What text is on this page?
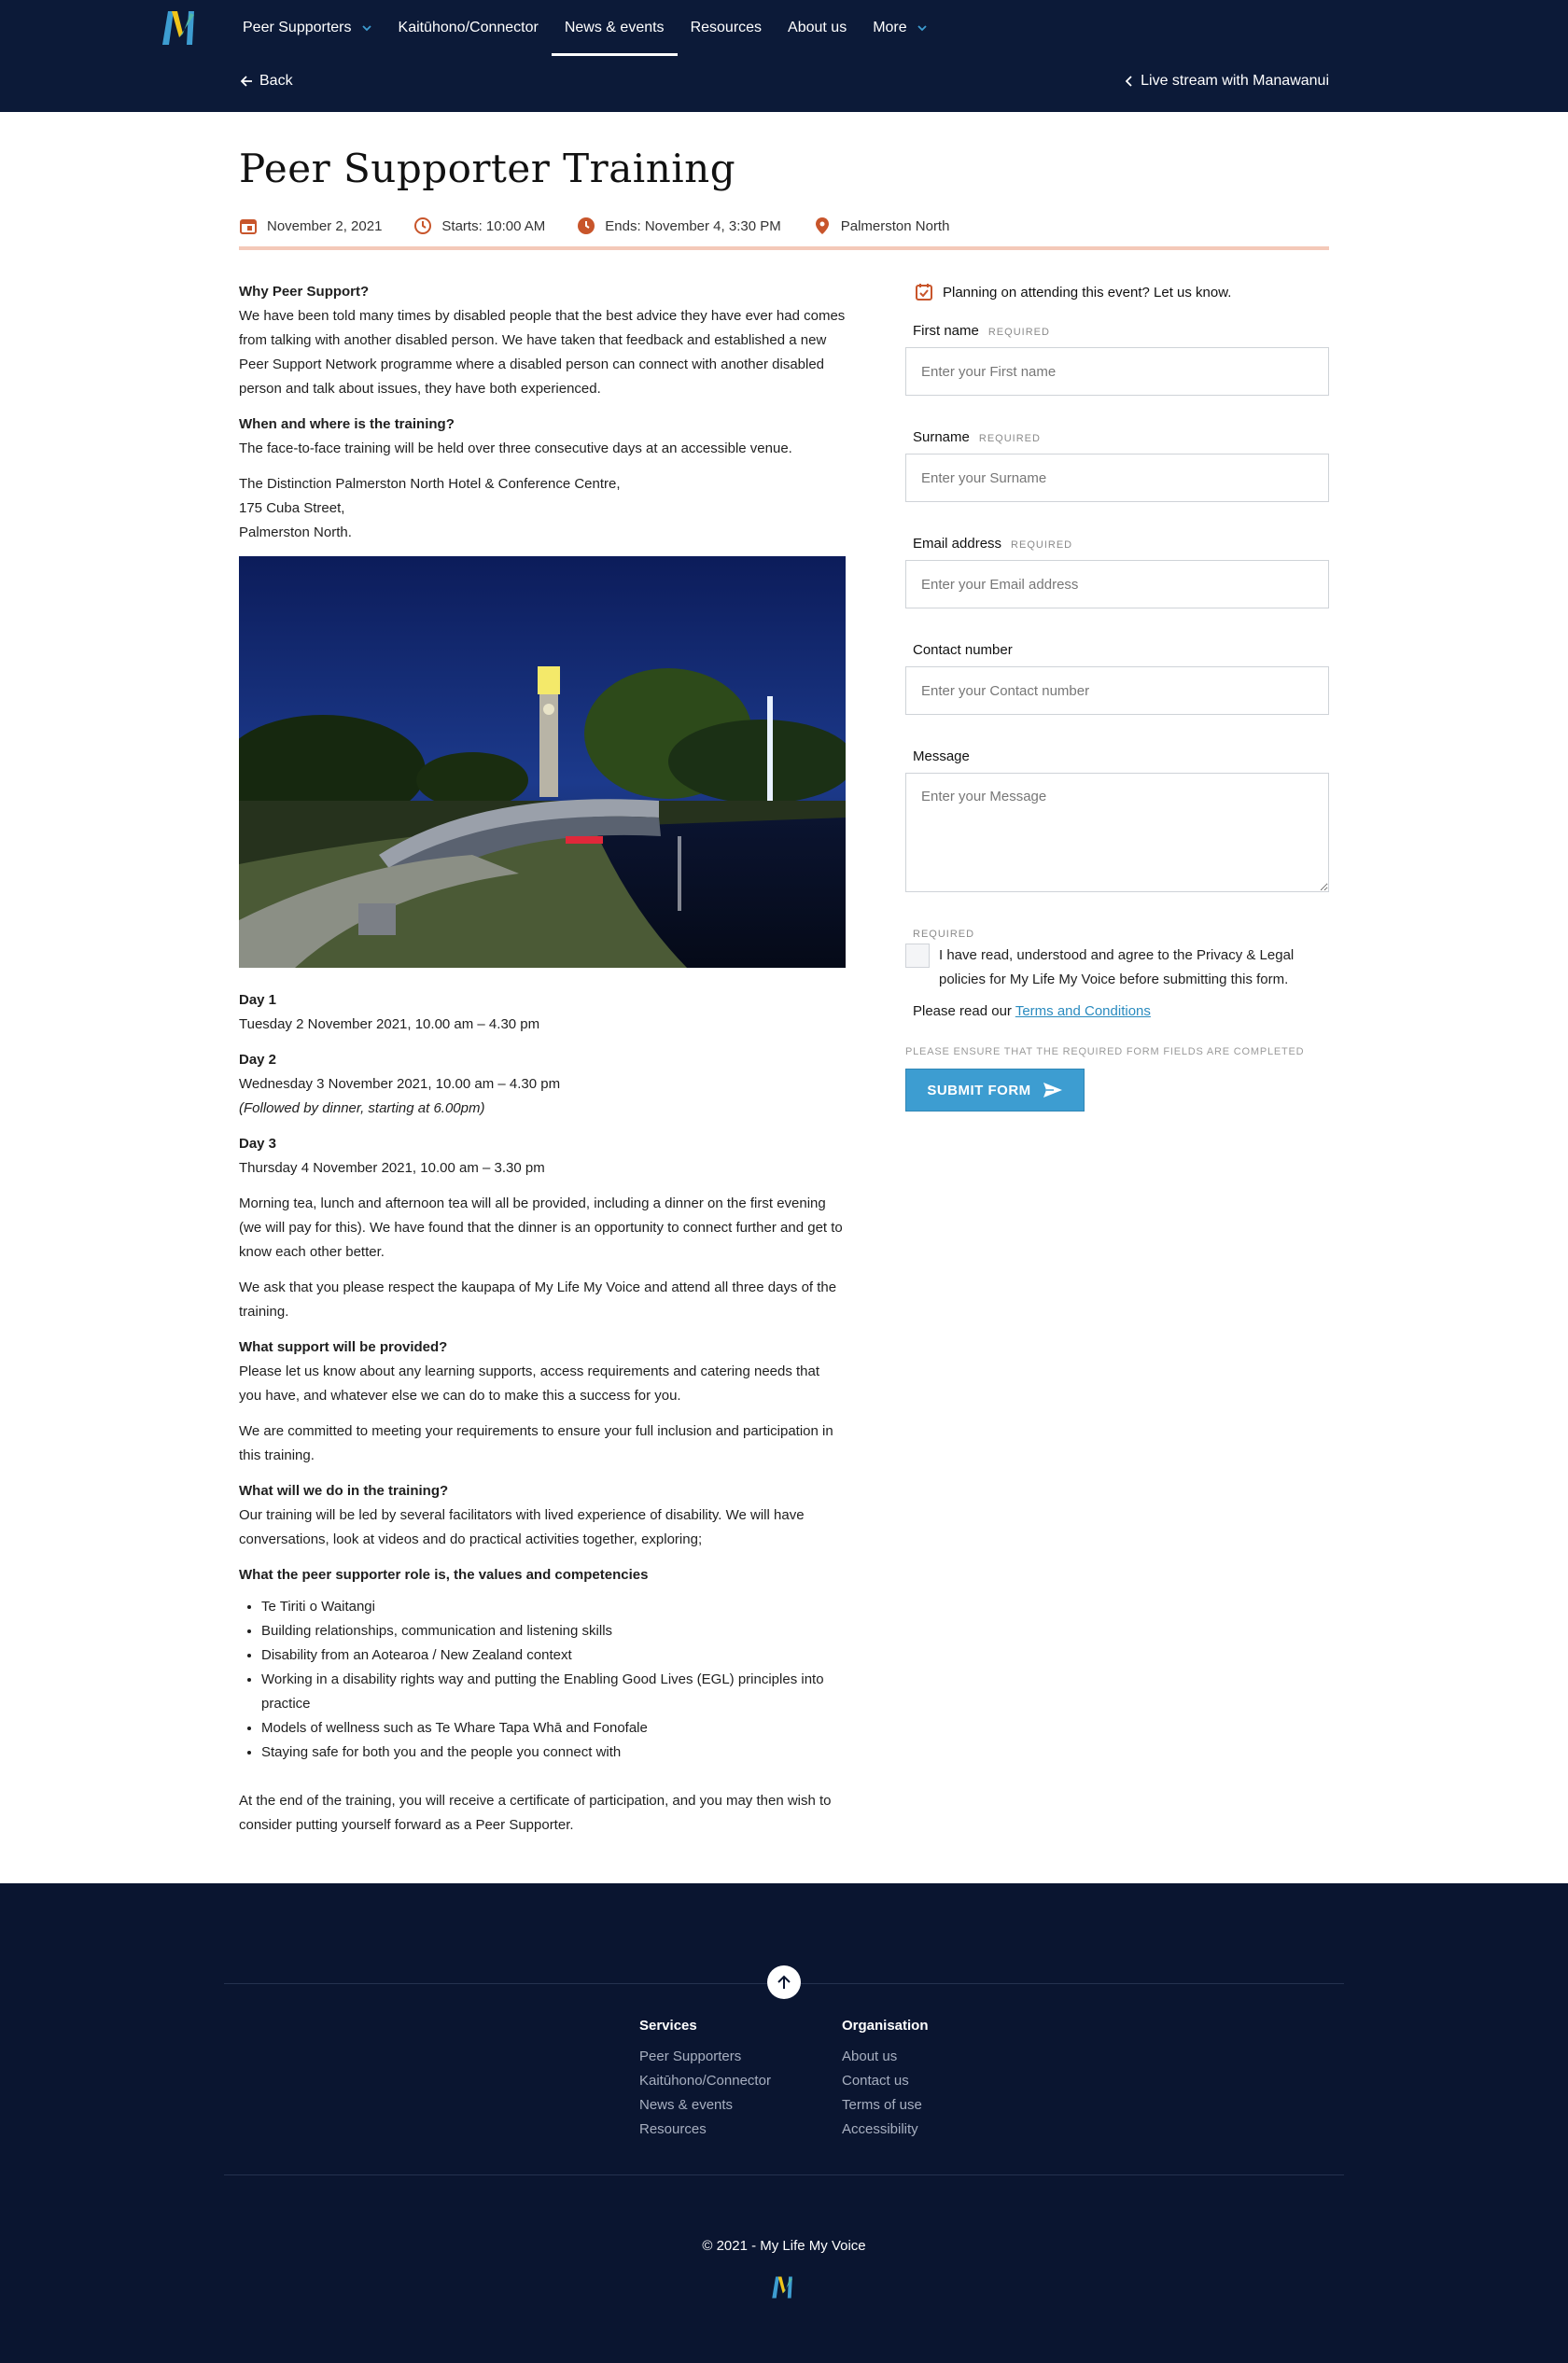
Peer Supporters	Kaitūhono/Connector News & events Resources About us More
Back	Live stream with Manawanui
Peer Supporter Training
November 2, 2021	Starts: 10:00 AM	Ends: November 4, 3:30 PM	Palmerston North
Why Peer Support?

We have been told many times by disabled people that the best advice they have ever had comes from talking with another disabled person. We have taken that feedback and established a new Peer Support Network programme where a disabled person can connect with another disabled person and talk about issues, they have both experienced.

When and where is the training?

The face-to-face training will be held over three consecutive days at an accessible venue.

The Distinction Palmerston North Hotel & Conference Centre,
175 Cuba Street,
Palmerston North.

Day 1

Tuesday 2 November 2021, 10.00 am – 4.30 pm

Day 2

Wednesday 3 November 2021, 10.00 am – 4.30 pm
(Followed by dinner, starting at 6.00pm)

Day 3

Thursday 4 November 2021, 10.00 am – 3.30 pm

Morning tea, lunch and afternoon tea will all be provided, including a dinner on the first evening (we will pay for this). We have found that the dinner is an opportunity to connect further and get to know each other better.

We ask that you please respect the kaupapa of My Life My Voice and attend all three days of the training.

What support will be provided?

Please let us know about any learning supports, access requirements and catering needs that you have, and whatever else we can do to make this a success for you.

We are committed to meeting your requirements to ensure your full inclusion and participation in this training.

What will we do in the training?

Our training will be led by several facilitators with lived experience of disability. We will have conversations, look at videos and do practical activities together, exploring;

What the peer supporter role is, the values and competencies
• Te Tiriti o Waitangi
• Building relationships, communication and listening skills
• Disability from an Aotearoa / New Zealand context
• Working in a disability rights way and putting the Enabling Good Lives (EGL) principles into practice
• Models of wellness such as Te Whare Tapa Whā and Fonofale
• Staying safe for both you and the people you connect with

At the end of the training, you will receive a certificate of participation, and you may then wish to consider putting yourself forward as a Peer Supporter.

Planning on attending this event? Let us know.
First name REQUIRED
Enter your First name
Surname REQUIRED
Enter your Surname
Email address REQUIRED
Enter your Email address
Contact number
Enter your Contact number
Message
Enter your Message
REQUIRED
I have read, understood and agree to the Privacy & Legal policies for My Life My Voice before submitting this form.
Please read our Terms and Conditions
PLEASE ENSURE THAT THE REQUIRED FORM FIELDS ARE COMPLETED
SUBMIT FORM
Services
Peer Supporters
Kaitūhono/Connector
News & events
Resources
Organisation
About us
Contact us
Terms of use
Accessibility
© 2021 - My Life My Voice
